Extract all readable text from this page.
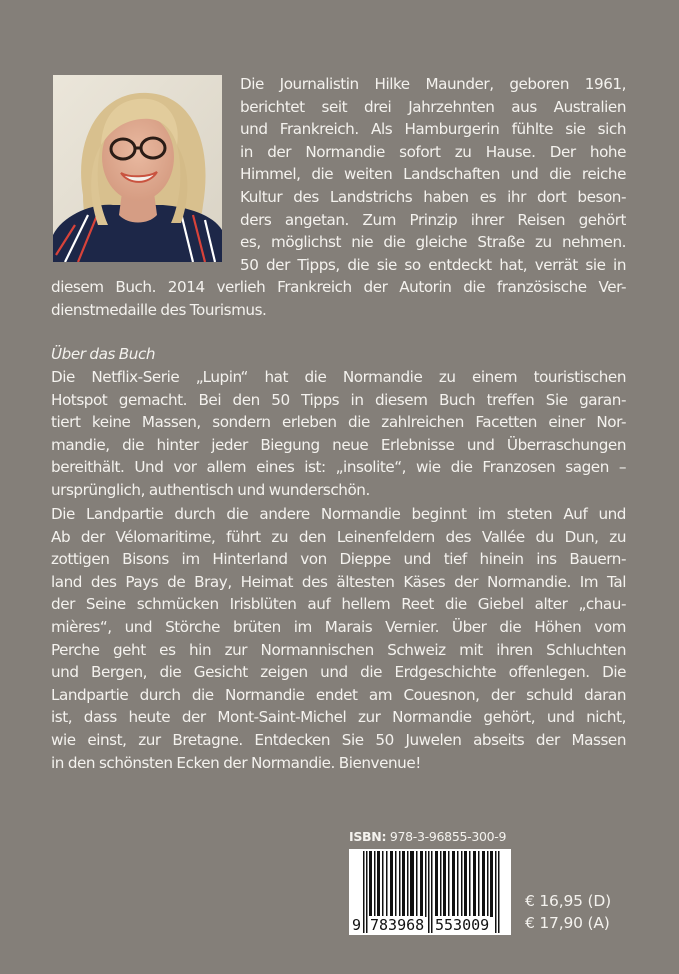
Die Journalistin Hilke Maunder, geboren 1961,
berichtet seit drei Jahrzehnten aus Australien
und Frankreich. Als Hamburgerin fühlte sie sich
in der Normandie sofort zu Hause. Der hohe
Himmel, die weiten Landschaften und die reiche
Kultur des Landstrichs haben es ihr dort beson-
ders angetan. Zum Prinzip ihrer Reisen gehört
es, möglichst nie die gleiche Straße zu nehmen.
50 der Tipps, die sie so entdeckt hat, verrät sie in
diesem Buch. 2014 verlieh Frankreich der Autorin die französische Ver-
dienstmedaille des Tourismus.
Über das Buch
Die Netflix-Serie „Lupin“ hat die Normandie zu einem touristischen
Hotspot gemacht. Bei den 50 Tipps in diesem Buch treffen Sie garan-
tiert keine Massen, sondern erleben die zahlreichen Facetten einer Nor-
mandie, die hinter jeder Biegung neue Erlebnisse und Überraschungen
bereithält. Und vor allem eines ist: „insolite“, wie die Franzosen sagen –
ursprünglich, authentisch und wunderschön.
Die Landpartie durch die andere Normandie beginnt im steten Auf und
Ab der Vélomaritime, führt zu den Leinenfeldern des Vallée du Dun, zu
zottigen Bisons im Hinterland von Dieppe und tief hinein ins Bauern-
land des Pays de Bray, Heimat des ältesten Käses der Normandie. Im Tal
der Seine schmücken Irisblüten auf hellem Reet die Giebel alter „chau-
mières“, und Störche brüten im Marais Vernier. Über die Höhen vom
Perche geht es hin zur Normannischen Schweiz mit ihren Schluchten
und Bergen, die Gesicht zeigen und die Erdgeschichte offenlegen. Die
Landpartie durch die Normandie endet am Couesnon, der schuld daran
ist, dass heute der Mont-Saint-Michel zur Normandie gehört, und nicht,
wie einst, zur Bretagne. Entdecken Sie 50 Juwelen abseits der Massen
in den schönsten Ecken der Normandie. Bienvenue!
ISBN: 978-3-96855-300-9
9 783968 553009
€ 16,95 (D)
€ 17,90 (A)
